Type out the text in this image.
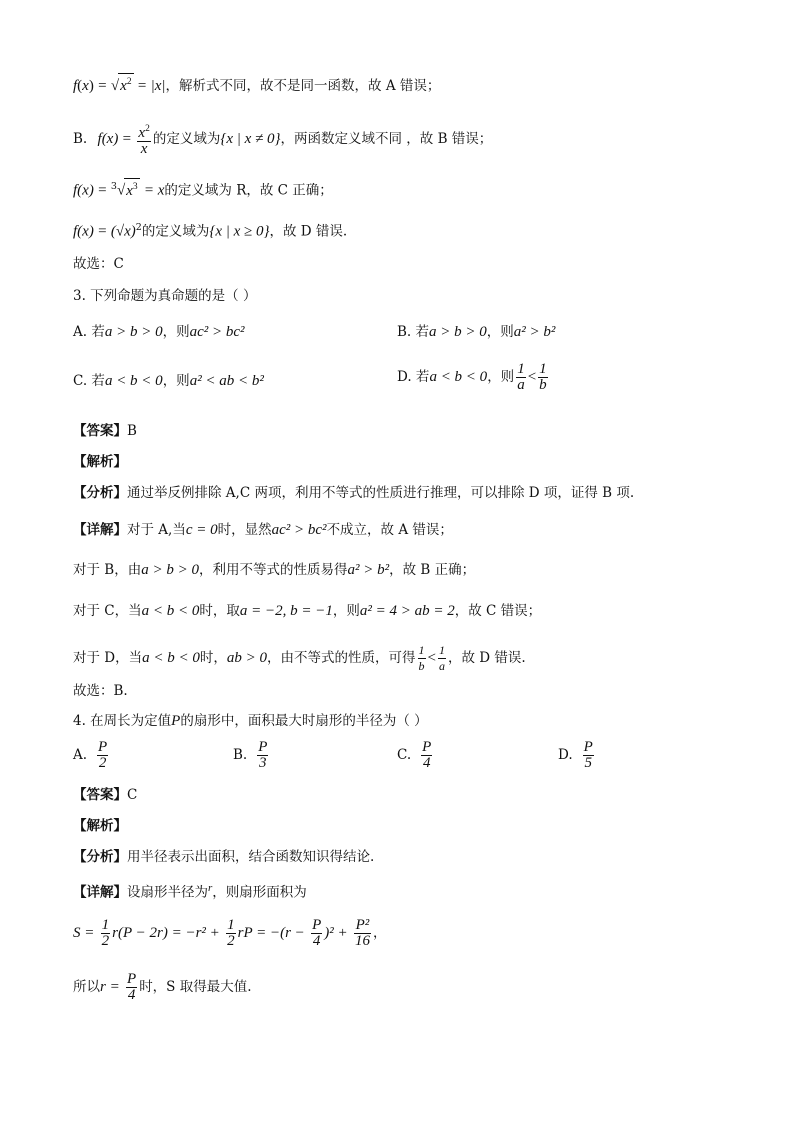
$f(x) = √x^2 = |x|$，解析式不同，故不是同一函数，故 A 错误；
B. $f(x) = \frac{x^2}{x}$ 的定义域为{x | x ≠ 0}，两函数定义域不同 ，故 B 错误；
$f(x) = ^3√x^3 = x$的定义域为 R，故 C 正确；
$f(x) = (√x)^2$的定义域为{x | x ≥ 0}，故 D 错误.
故选：C
3. 下列命题为真命题的是（ ）
A. 若a > b > 0，则ac² > bc²	B. 若a > b > 0，则a² > b²
C. 若a < b < 0，则a² < ab < b²	D. 若a < b < 0，则 $\frac{1}{a} < \frac{1}{b}$
【答案】B
【解析】
【分析】通过举反例排除 A,C 两项，利用不等式的性质进行推理，可以排除 D 项，证得 B 项.
【详解】对于 A,当c = 0时，显然ac² > bc²不成立，故 A 错误；
对于 B，由a > b > 0，利用不等式的性质易得a² > b²，故 B 正确；
对于 C，当a < b < 0时，取a = −2, b = −1，则a² = 4 > ab = 2，故 C 错误；
对于 D，当a < b < 0时，ab > 0，由不等式的性质，可得 $\frac{1}{b} < \frac{1}{a}$ ，故 D 错误.
故选：B.
4. 在周长为定值P的扇形中，面积最大时扇形的半径为（ ）
A. $\frac{P}{2}$	B. $\frac{P}{3}$	C. $\frac{P}{4}$	D. $\frac{P}{5}$
【答案】C
【解析】
【分析】用半径表示出面积，结合函数知识得结论.
【详解】设扇形半径为$^r$，则扇形面积为
$S = \frac{1}{2} r(P - 2r) = -r^2 + \frac{1}{2}$ rP = $-(r - \frac{P}{4} )^2 + \frac{\text{P²}}{16}$ ，
所以$r = \frac{P}{4}$ 时，S 取得最大值.
